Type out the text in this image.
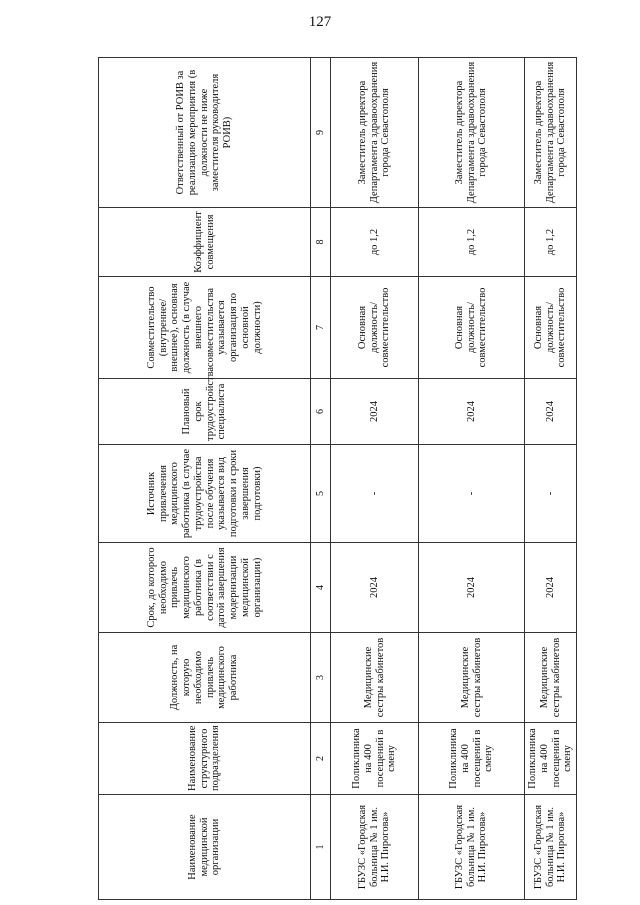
127
Наименование медицинской организации	Наименование структурного подразделения	Должность, на которую необходимо привлечь медицинского работника	Срок, до которого необходимо привлечь медицинского работника (в соответствии с датой завершения модернизации медицинской организации)	Источник привлечения медицинского работника (в случае трудоустройства после обучения указывается вид подготовки и сроки завершения подготовки)	Плановый срок трудоустройства специалиста	Совместительство (внутреннее/внешнее), основная должность (в случае внешнего совместительства указывается организация по основной должности)	Коэффициент совмещения	Ответственный от РОИВ за реализацию мероприятия (в должности не ниже заместителя руководителя РОИВ)
1	2	3	4	5	6	7	8	9
ГБУЗС «Городская больница № 1 им. Н.И. Пирогова»	Поликлиника на 400 посещений в смену	Медицинские сестры кабинетов	2024	-	2024	Основная должность/ совместительство	до 1,2	Заместитель директора Департамента здравоохранения города Севастополя
ГБУЗС «Городская больница № 1 им. Н.И. Пирогова»	Поликлиника на 400 посещений в смену	Медицинские сестры кабинетов	2024	-	2024	Основная должность/ совместительство	до 1,2	Заместитель директора Департамента здравоохранения города Севастополя
ГБУЗС «Городская больница № 1 им. Н.И. Пирогова»	Поликлиника на 400 посещений в смену	Медицинские сестры кабинетов	2024	-	2024	Основная должность/ совместительство	до 1,2	Заместитель директора Департамента здравоохранения города Севастополя
